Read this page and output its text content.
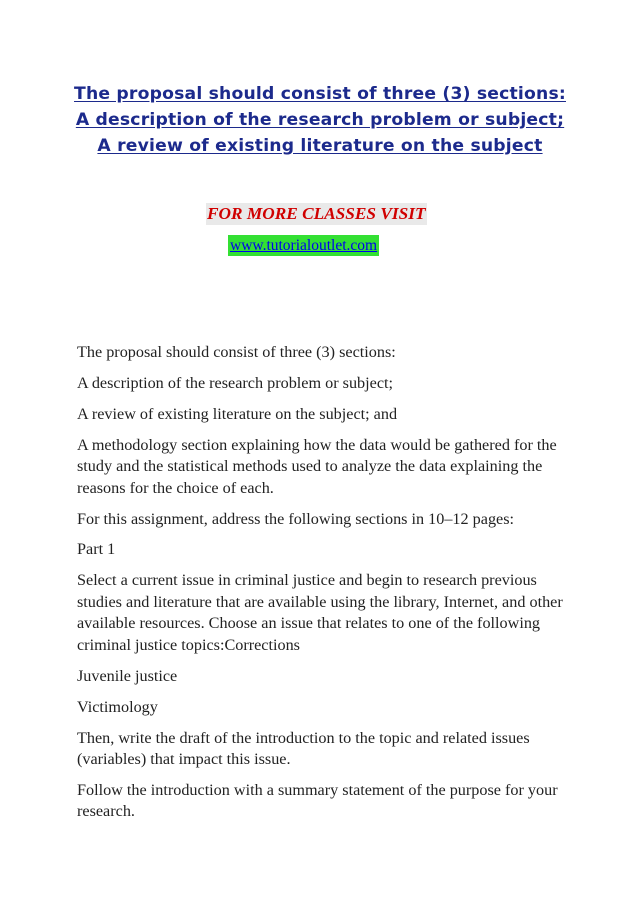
The proposal should consist of three (3) sections:
A description of the research problem or subject;
A review of existing literature on the subject
FOR MORE CLASSES VISIT
www.tutorialoutlet.com

The proposal should consist of three (3) sections:

A description of the research problem or subject;

A review of existing literature on the subject; and

A methodology section explaining how the data would be gathered for the study and the statistical methods used to analyze the data explaining the reasons for the choice of each.

For this assignment, address the following sections in 10–12 pages:

Part 1

Select a current issue in criminal justice and begin to research previous studies and literature that are available using the library, Internet, and other available resources. Choose an issue that relates to one of the following criminal justice topics:Corrections

Juvenile justice

Victimology

Then, write the draft of the introduction to the topic and related issues (variables) that impact this issue.

Follow the introduction with a summary statement of the purpose for your research.
